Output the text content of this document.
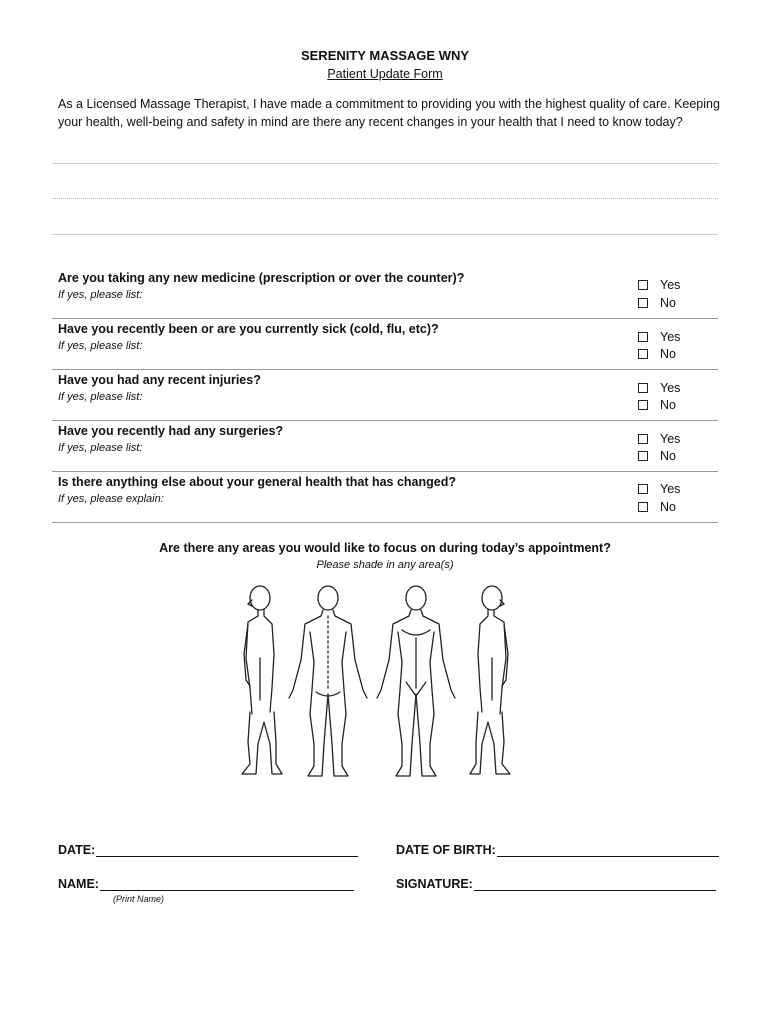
SERENITY MASSAGE WNY
Patient Update Form
As a Licensed Massage Therapist, I have made a commitment to providing you with the highest quality of care. Keeping your health, well-being and safety in mind are there any recent changes in your health that I need to know today?
Are you taking any new medicine (prescription or over the counter)?
If yes, please list:
Yes
No
Have you recently been or are you currently sick (cold, flu, etc)?
If yes, please list:
Yes
No
Have you had any recent injuries?
If yes, please list:
Yes
No
Have you recently had any surgeries?
If yes, please list:
Yes
No
Is there anything else about your general health that has changed?
If yes, please explain:
Yes
No
Are there any areas you would like to focus on during today’s appointment?
Please shade in any area(s)
DATE:	DATE OF BIRTH:
NAME:	SIGNATURE:
(Print Name)
